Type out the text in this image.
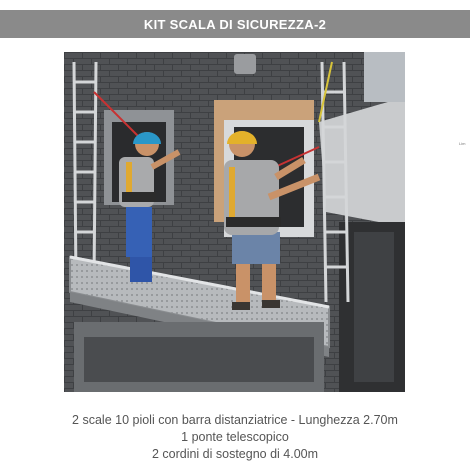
KIT SCALA DI SICUREZZA-2
Lim
2 scale 10 pioli con barra distanziatrice - Lunghezza 2.70m
1 ponte telescopico
2 cordini di sostegno di 4.00m
